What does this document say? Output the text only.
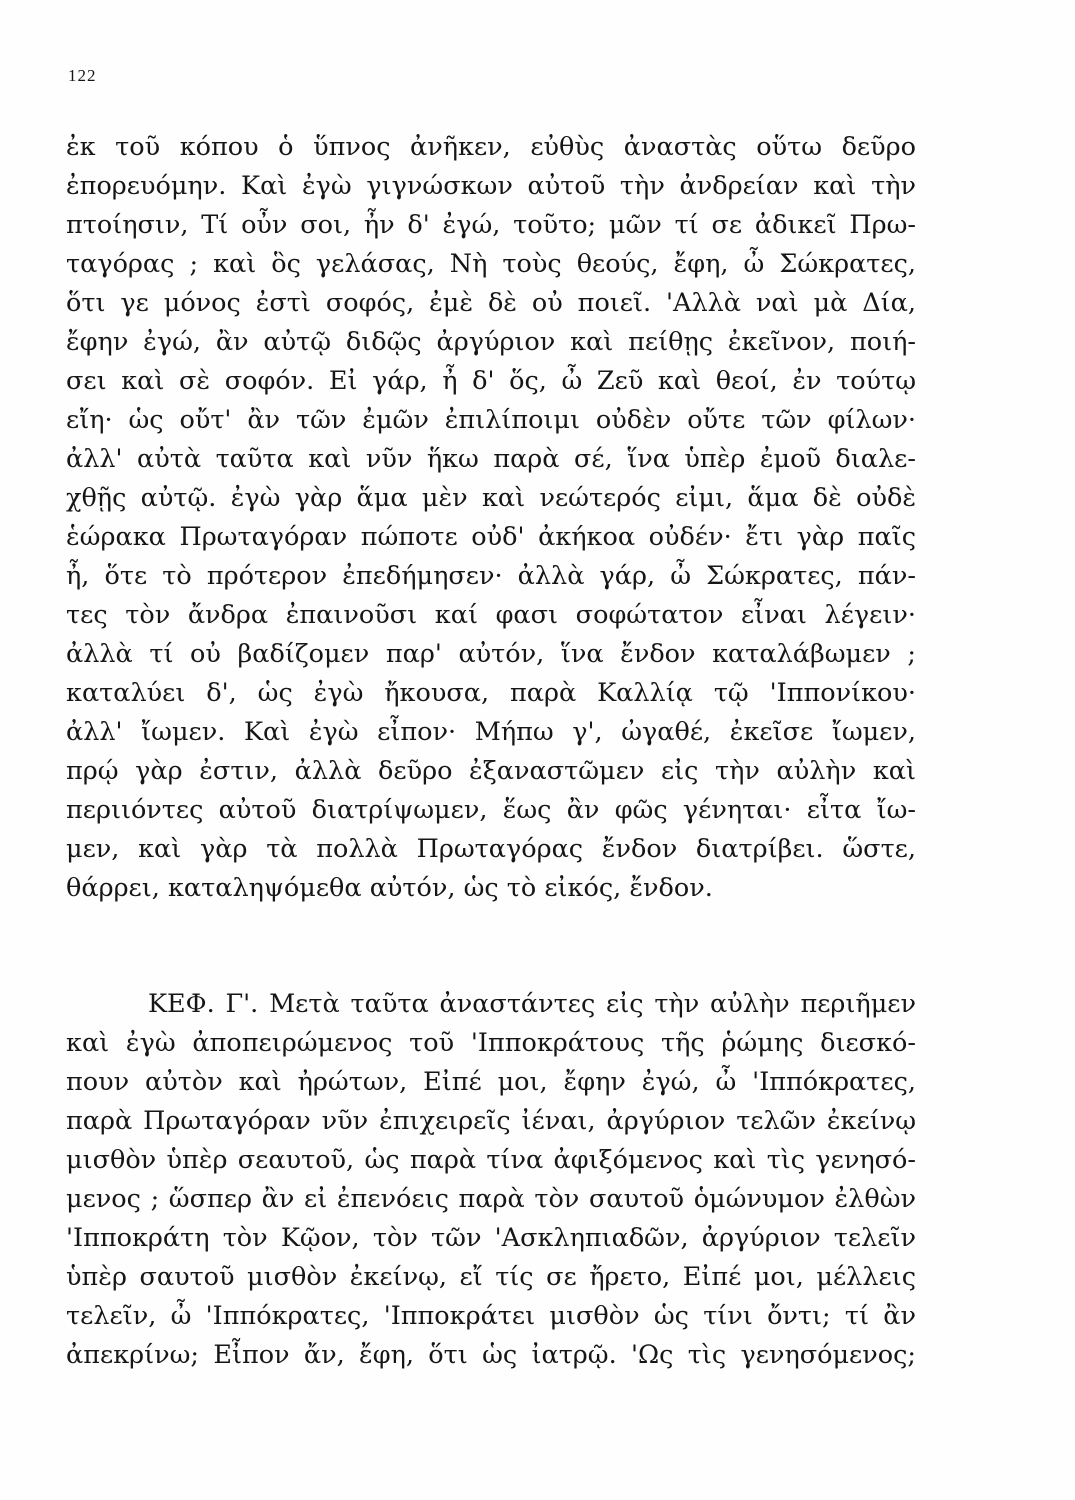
122
ἐκ τοῦ κόπου ὁ ὕπνος ἀνῆκεν, εὐθὺς ἀναστὰς οὕτω δεῦρο
ἐπορευόμην. Καὶ ἐγὼ γιγνώσκων αὐτοῦ τὴν ἀνδρείαν καὶ τὴν
πτοίησιν, Τί οὖν σοι, ἦν δ' ἐγώ, τοῦτο; μῶν τί σε ἀδικεῖ Πρω-
ταγόρας ; καὶ ὃς γελάσας, Νὴ τοὺς θεούς, ἔφη, ὦ Σώκρατες,
ὅτι γε μόνος ἐστὶ σοφός, ἐμὲ δὲ οὐ ποιεῖ. 'Αλλὰ ναὶ μὰ Δία,
ἔφην ἐγώ, ἂν αὐτῷ διδῷς ἀργύριον καὶ πείθῃς ἐκεῖνον, ποιή-
σει καὶ σὲ σοφόν. Εἰ γάρ, ἦ δ' ὅς, ὦ Ζεῦ καὶ θεοί, ἐν τούτῳ
εἴη· ὡς οὔτ' ἂν τῶν ἐμῶν ἐπιλίποιμι οὐδὲν οὔτε τῶν φίλων·
ἀλλ' αὐτὰ ταῦτα καὶ νῦν ἥκω παρὰ σέ, ἵνα ὑπὲρ ἐμοῦ διαλε-
χθῇς αὐτῷ. ἐγὼ γὰρ ἅμα μὲν καὶ νεώτερός εἰμι, ἅμα δὲ οὐδὲ
ἑώρακα Πρωταγόραν πώποτε οὐδ' ἀκήκοα οὐδέν· ἔτι γὰρ παῖς
ἦ, ὅτε τὸ πρότερον ἐπεδήμησεν· ἀλλὰ γάρ, ὦ Σώκρατες, πάν-
τες τὸν ἄνδρα ἐπαινοῦσι καί φασι σοφώτατον εἶναι λέγειν·
ἀλλὰ τί οὐ βαδίζομεν παρ' αὐτόν, ἵνα ἔνδον καταλάβωμεν ;
καταλύει δ', ὡς ἐγὼ ἤκουσα, παρὰ Καλλίᾳ τῷ 'Ιππονίκου·
ἀλλ' ἴωμεν. Καὶ ἐγὼ εἶπον· Μήπω γ', ὠγαθέ, ἐκεῖσε ἴωμεν,
πρῴ γὰρ ἐστιν, ἀλλὰ δεῦρο ἐξαναστῶμεν εἰς τὴν αὐλὴν καὶ
περιιόντες αὐτοῦ διατρίψωμεν, ἕως ἂν φῶς γένηται· εἶτα ἴω-
μεν, καὶ γὰρ τὰ πολλὰ Πρωταγόρας ἔνδον διατρίβει. ὥστε,
θάρρει, καταληψόμεθα αὐτόν, ὡς τὸ εἰκός, ἔνδον.
ΚΕΦ. Γ'. Μετὰ ταῦτα ἀναστάντες εἰς τὴν αὐλὴν περιῆμεν
καὶ ἐγὼ ἀποπειρώμενος τοῦ 'Ιπποκράτους τῆς ῥώμης διεσκό-
πουν αὐτὸν καὶ ἠρώτων, Εἰπέ μοι, ἔφην ἐγώ, ὦ 'Ιππόκρατες,
παρὰ Πρωταγόραν νῦν ἐπιχειρεῖς ἰέναι, ἀργύριον τελῶν ἐκείνῳ
μισθὸν ὑπὲρ σεαυτοῦ, ὡς παρὰ τίνα ἀφιξόμενος καὶ τὶς γενησό-
μενος ; ὥσπερ ἂν εἰ ἐπενόεις παρὰ τὸν σαυτοῦ ὁμώνυμον ἐλθὼν
'Ιπποκράτη τὸν Κῷον, τὸν τῶν 'Ασκληπιαδῶν, ἀργύριον τελεῖν
ὑπὲρ σαυτοῦ μισθὸν ἐκείνῳ, εἴ τίς σε ἤρετο, Εἰπέ μοι, μέλλεις
τελεῖν, ὦ 'Ιππόκρατες, 'Ιπποκράτει μισθὸν ὡς τίνι ὄντι; τί ἂν
ἀπεκρίνω; Εἶπον ἄν, ἔφη, ὅτι ὡς ἰατρῷ. 'Ως τὶς γενησόμενος;
